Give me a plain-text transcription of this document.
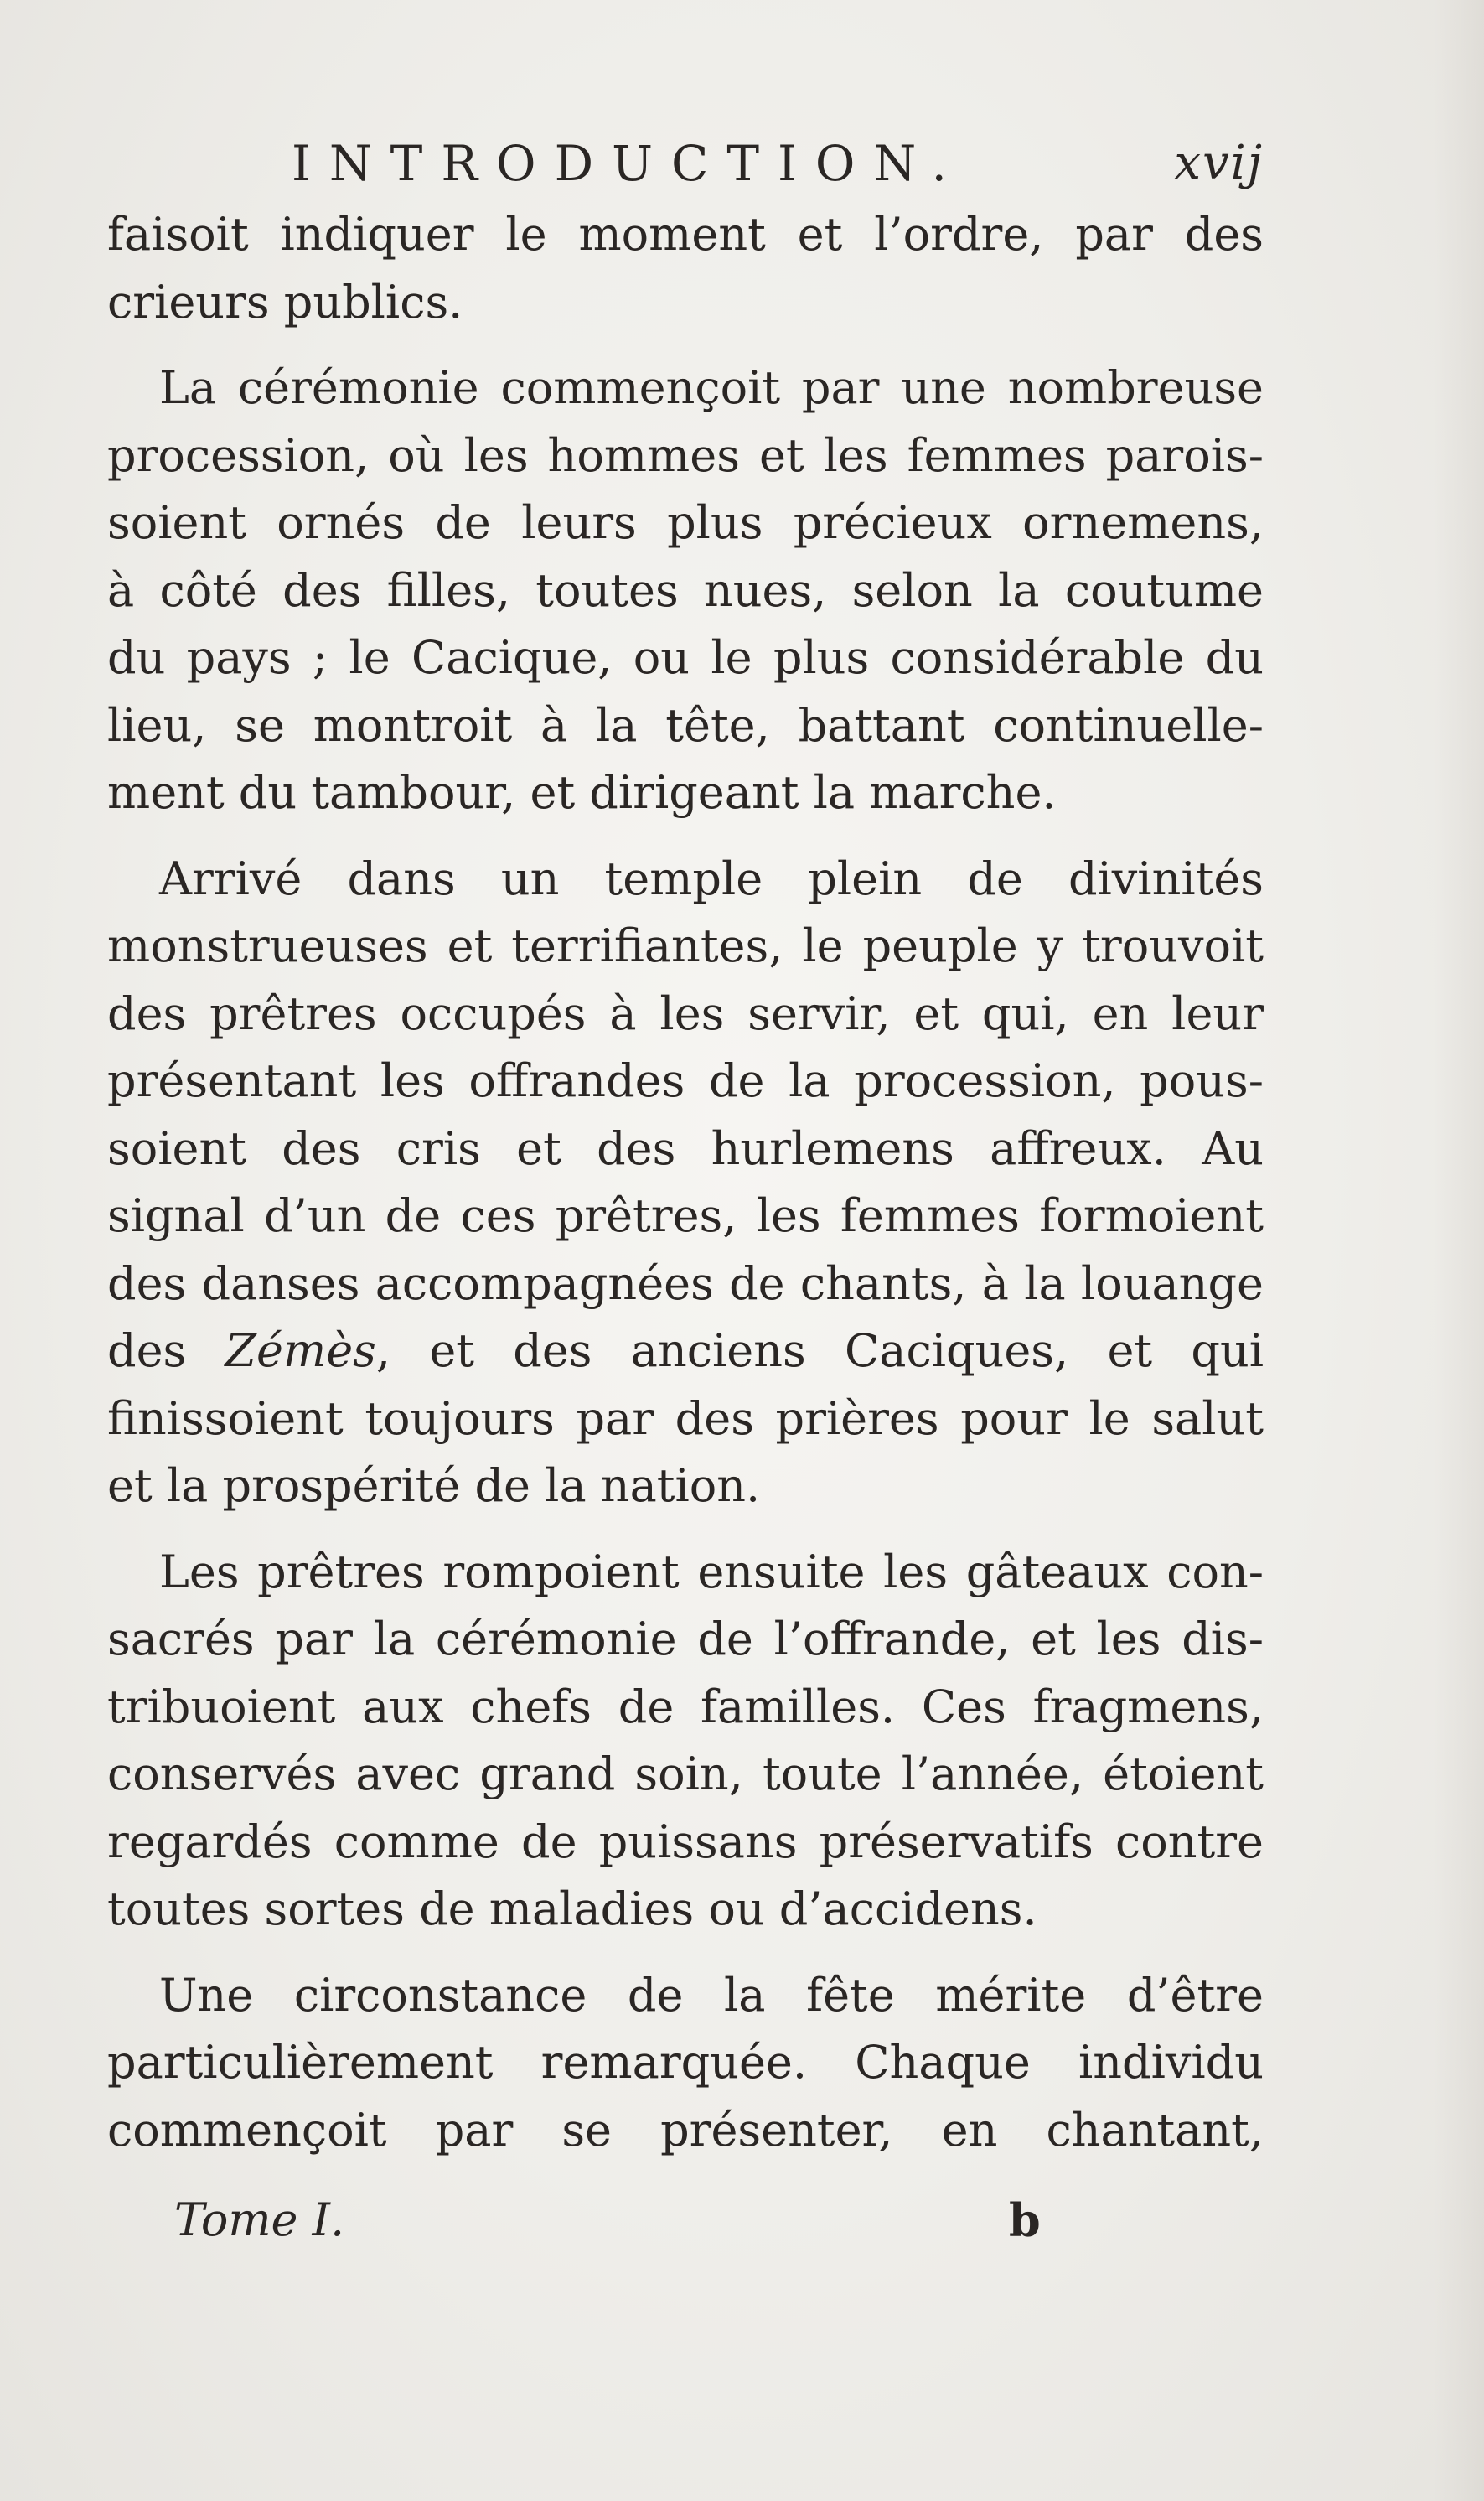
INTRODUCTION.	xvij
faisoit indiquer le moment et l’ordre, par des
crieurs publics.
La cérémonie commençoit par une nombreuse
procession, où les hommes et les femmes parois-
soient ornés de leurs plus précieux ornemens,
à côté des filles, toutes nues, selon la coutume
du pays ; le Cacique, ou le plus considérable du
lieu, se montroit à la tête, battant continuelle-
ment du tambour, et dirigeant la marche.
Arrivé dans un temple plein de divinités
monstrueuses et terrifiantes, le peuple y trouvoit
des prêtres occupés à les servir, et qui, en leur
présentant les offrandes de la procession, pous-
soient des cris et des hurlemens affreux. Au
signal d’un de ces prêtres, les femmes formoient
des danses accompagnées de chants, à la louange
des Zémès, et des anciens Caciques, et qui
finissoient toujours par des prières pour le salut
et la prospérité de la nation.
Les prêtres rompoient ensuite les gâteaux con-
sacrés par la cérémonie de l’offrande, et les dis-
tribuoient aux chefs de familles. Ces fragmens,
conservés avec grand soin, toute l’année, étoient
regardés comme de puissans préservatifs contre
toutes sortes de maladies ou d’accidens.
Une circonstance de la fête mérite d’être
particulièrement remarquée. Chaque individu
commençoit par se présenter, en chantant,
Tome I.	b
